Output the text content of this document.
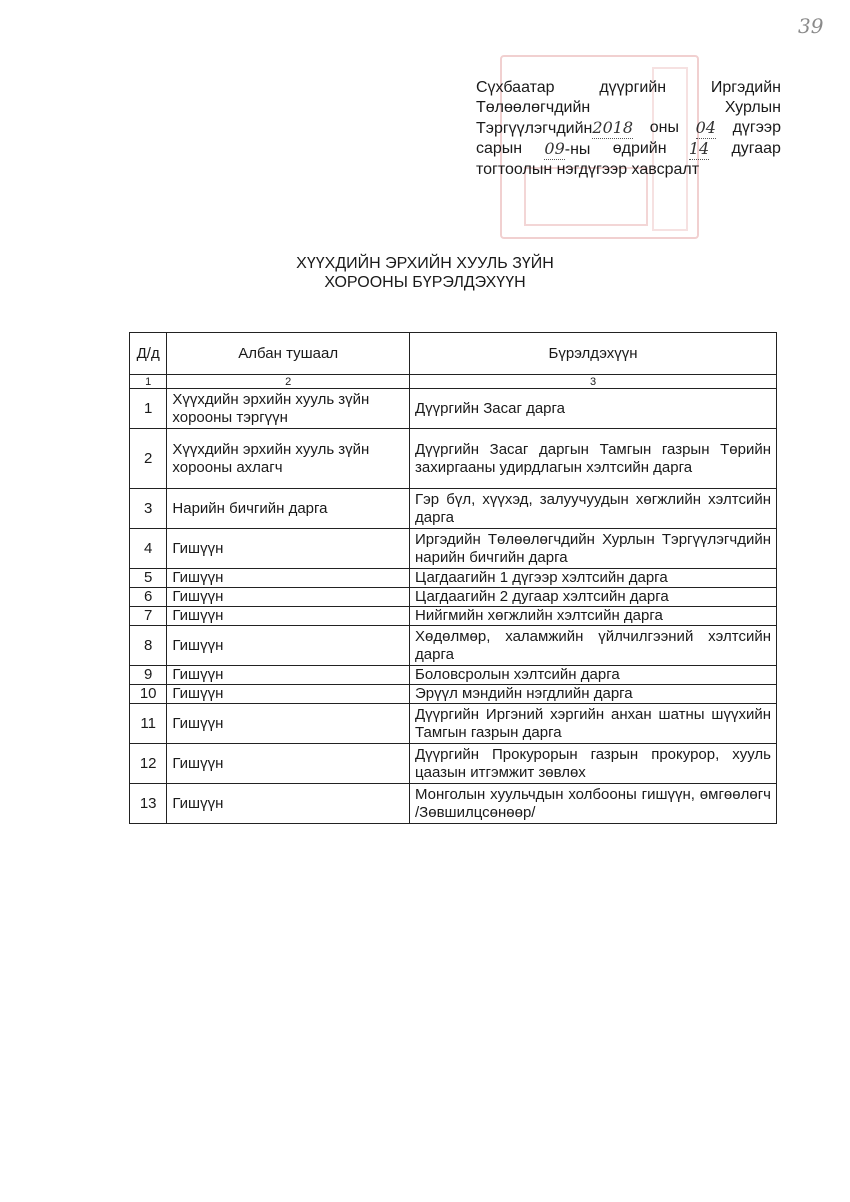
39
Сүхбаатар	дүүргийн	Иргэдийн
Төлөөлөгчдийн	Хурлын
Тэргүүлэгчдийн2018 оны 04 дүгээр
сарын 09-ны өдрийн 14 дугаар
тогтоолын нэгдүгээр хавсралт
ХҮҮХДИЙН ЭРХИЙН ХУУЛЬ ЗҮЙН
ХОРООНЫ БҮРЭЛДЭХҮҮН
Д/д	Албан тушаал	Бүрэлдэхүүн
1	2	3
1	Хүүхдийн эрхийн хууль зүйн хорооны тэргүүн	Дүүргийн Засаг дарга
2	Хүүхдийн эрхийн хууль зүйн хорооны ахлагч	Дүүргийн Засаг даргын Тамгын газрын Төрийн захиргааны удирдлагын хэлтсийн дарга
3	Нарийн бичгийн дарга	Гэр бүл, хүүхэд, залуучуудын хөгжлийн хэлтсийн дарга
4	Гишүүн	Иргэдийн Төлөөлөгчдийн Хурлын Тэргүүлэгчдийн нарийн бичгийн дарга
5	Гишүүн	Цагдаагийн 1 дүгээр хэлтсийн дарга
6	Гишүүн	Цагдаагийн 2 дугаар хэлтсийн дарга
7	Гишүүн	Нийгмийн хөгжлийн хэлтсийн дарга
8	Гишүүн	Хөдөлмөр, халамжийн үйлчилгээний хэлтсийн дарга
9	Гишүүн	Боловсролын хэлтсийн дарга
10	Гишүүн	Эрүүл мэндийн нэгдлийн дарга
11	Гишүүн	Дүүргийн Иргэний хэргийн анхан шатны шүүхийн Тамгын газрын дарга
12	Гишүүн	Дүүргийн Прокурорын газрын прокурор, хууль цаазын итгэмжит зөвлөх
13	Гишүүн	Монголын хуульчдын холбооны гишүүн, өмгөөлөгч /Зөвшилцсөнөөр/
